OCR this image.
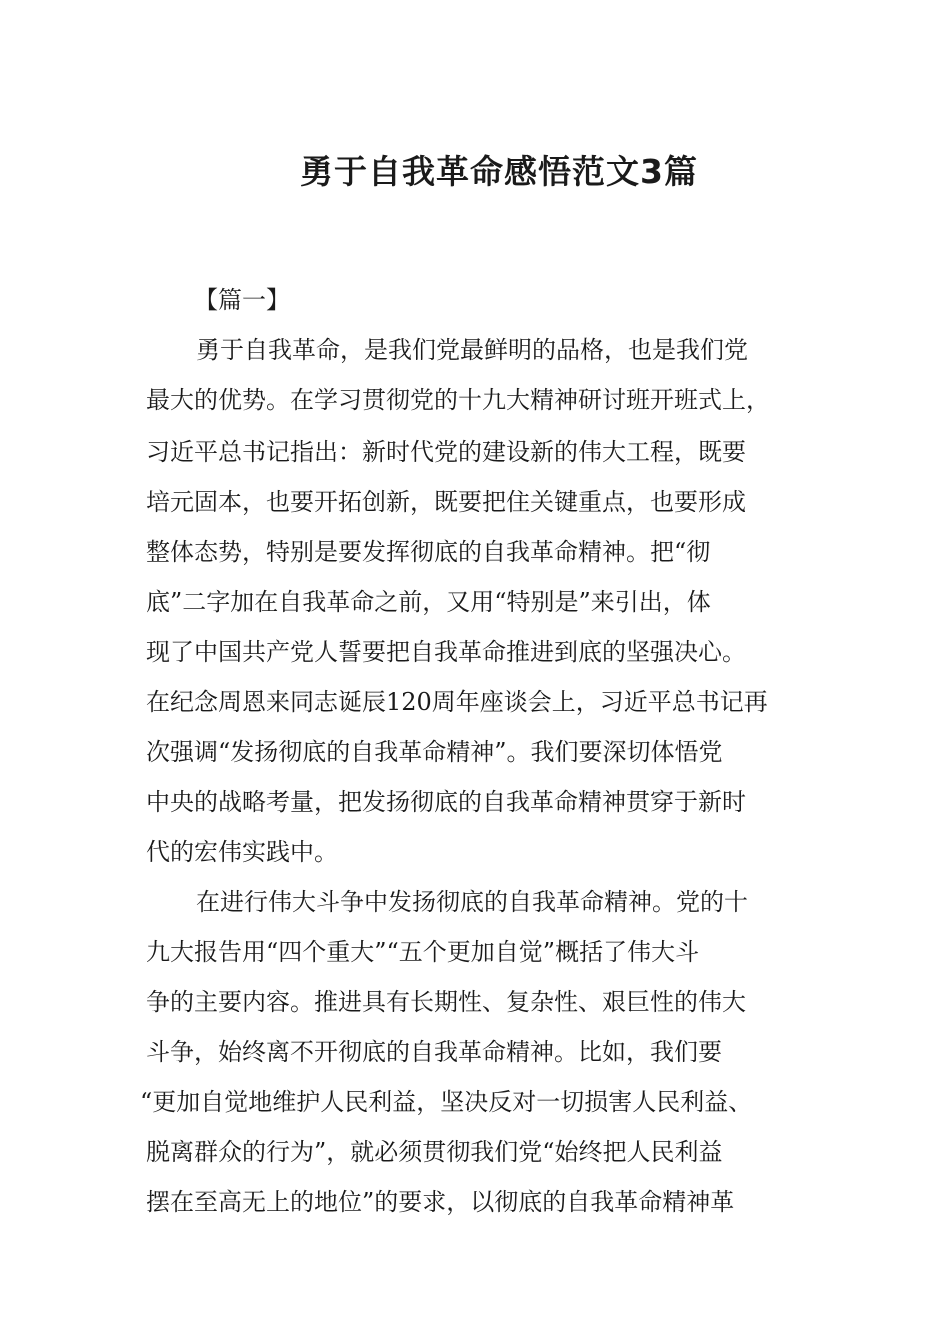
勇于自我革命感悟范文3篇

【篇一】

勇于自我革命，是我们党最鲜明的品格，也是我们党

最大的优势。在学习贯彻党的十九大精神研讨班开班式上，

习近平总书记指出：新时代党的建设新的伟大工程，既要

培元固本，也要开拓创新，既要把住关键重点，也要形成

整体态势，特别是要发挥彻底的自我革命精神。把“彻

底”二字加在自我革命之前，又用“特别是”来引出，体

现了中国共产党人誓要把自我革命推进到底的坚强决心。

在纪念周恩来同志诞辰120周年座谈会上，习近平总书记再

次强调“发扬彻底的自我革命精神”。我们要深切体悟党

中央的战略考量，把发扬彻底的自我革命精神贯穿于新时

代的宏伟实践中。

在进行伟大斗争中发扬彻底的自我革命精神。党的十

九大报告用“四个重大”“五个更加自觉”概括了伟大斗

争的主要内容。推进具有长期性、复杂性、艰巨性的伟大

斗争，始终离不开彻底的自我革命精神。比如，我们要

“更加自觉地维护人民利益，坚决反对一切损害人民利益、

脱离群众的行为”，就必须贯彻我们党“始终把人民利益

摆在至高无上的地位”的要求，以彻底的自我革命精神革
